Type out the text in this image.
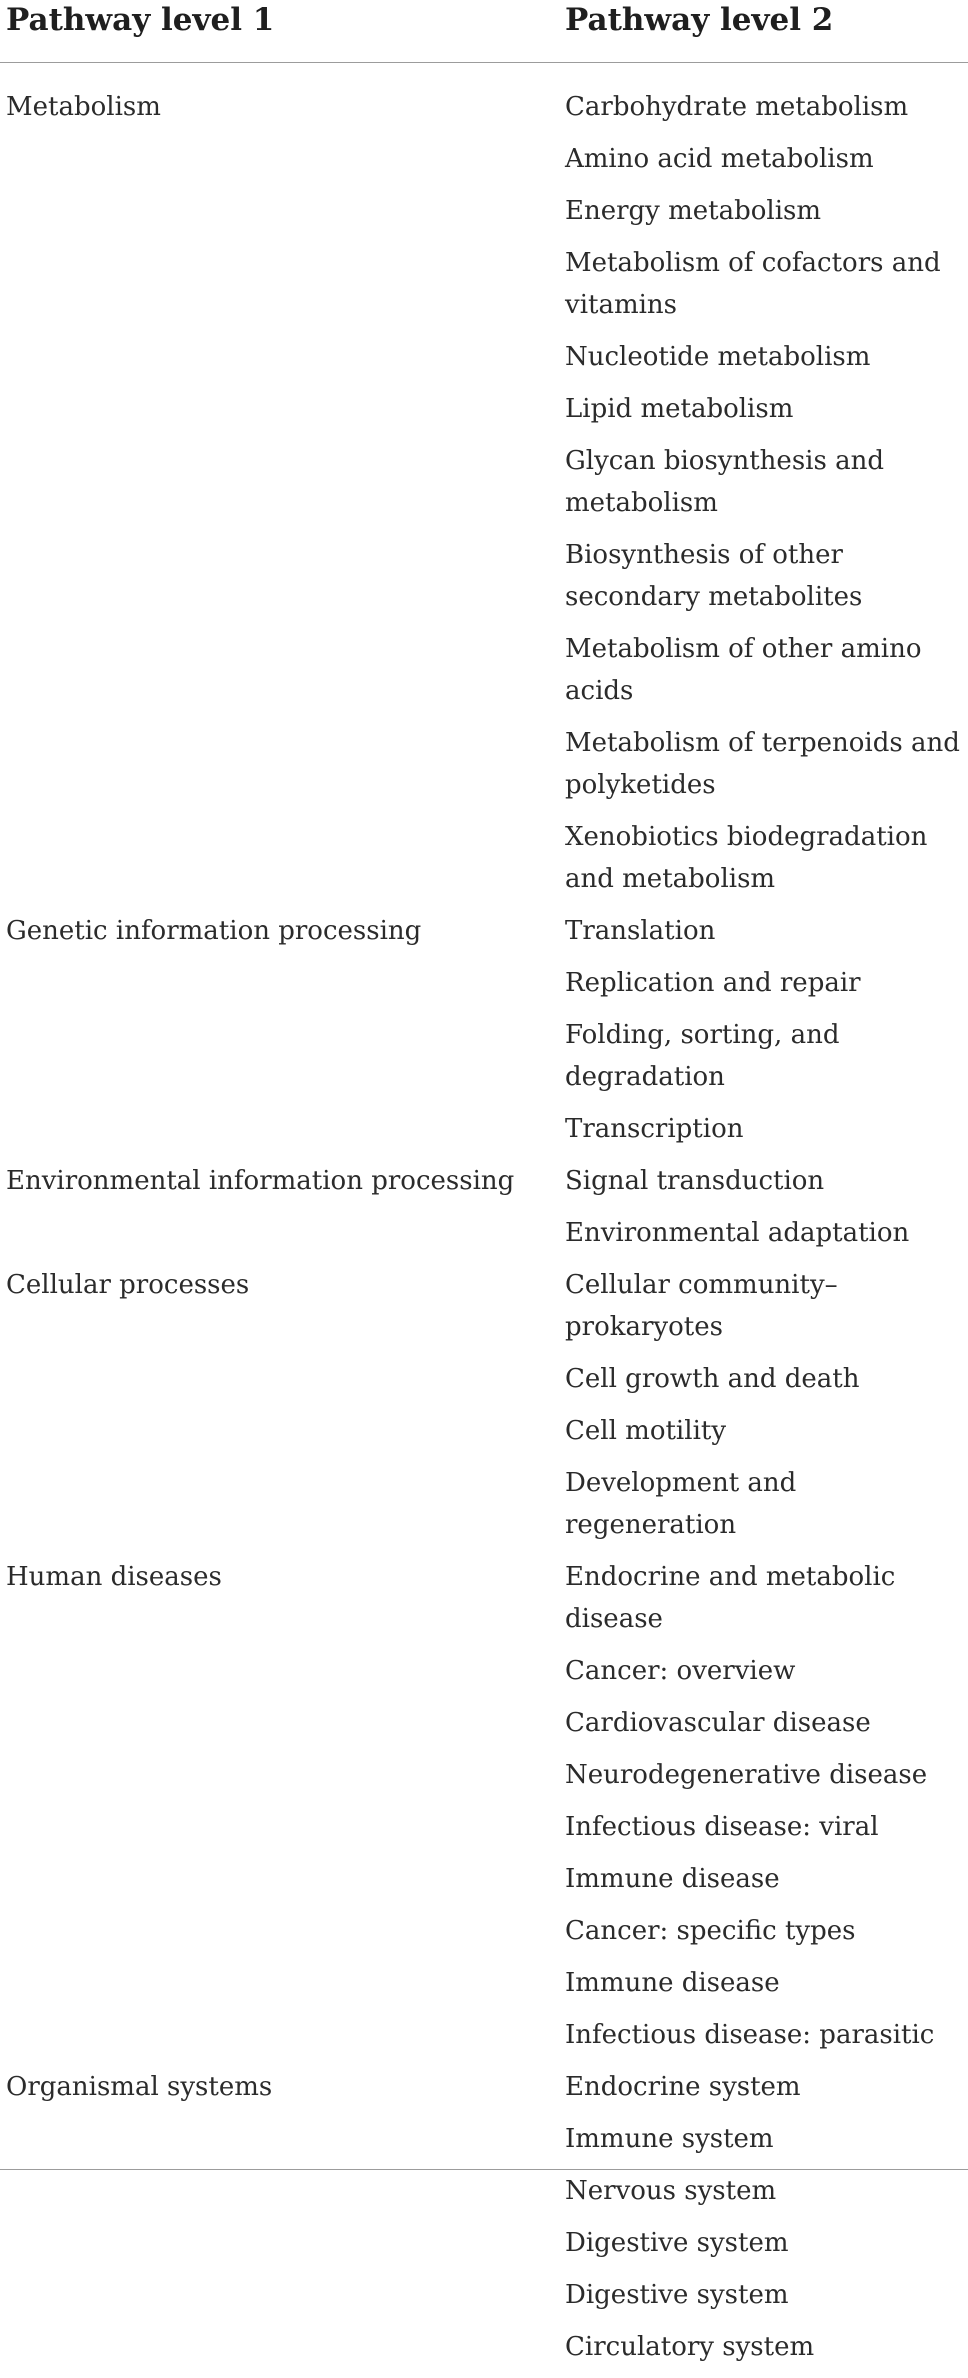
Pathway level 1	Pathway level 2
Metabolism	Carbohydrate metabolism
Amino acid metabolism
Energy metabolism
Metabolism of cofactors and vitamins
Nucleotide metabolism
Lipid metabolism
Glycan biosynthesis and metabolism
Biosynthesis of other secondary metabolites
Metabolism of other amino acids
Metabolism of terpenoids and polyketides
Xenobiotics biodegradation and metabolism
Genetic information processing	Translation
Replication and repair
Folding, sorting, and degradation
Transcription
Environmental information processing	Signal transduction
Environmental adaptation
Cellular processes	Cellular community–prokaryotes
Cell growth and death
Cell motility
Development and regeneration
Human diseases	Endocrine and metabolic disease
Cancer: overview
Cardiovascular disease
Neurodegenerative disease
Infectious disease: viral
Immune disease
Cancer: specific types
Immune disease
Infectious disease: parasitic
Organismal systems	Endocrine system
Immune system
Nervous system
Digestive system
Digestive system
Circulatory system
